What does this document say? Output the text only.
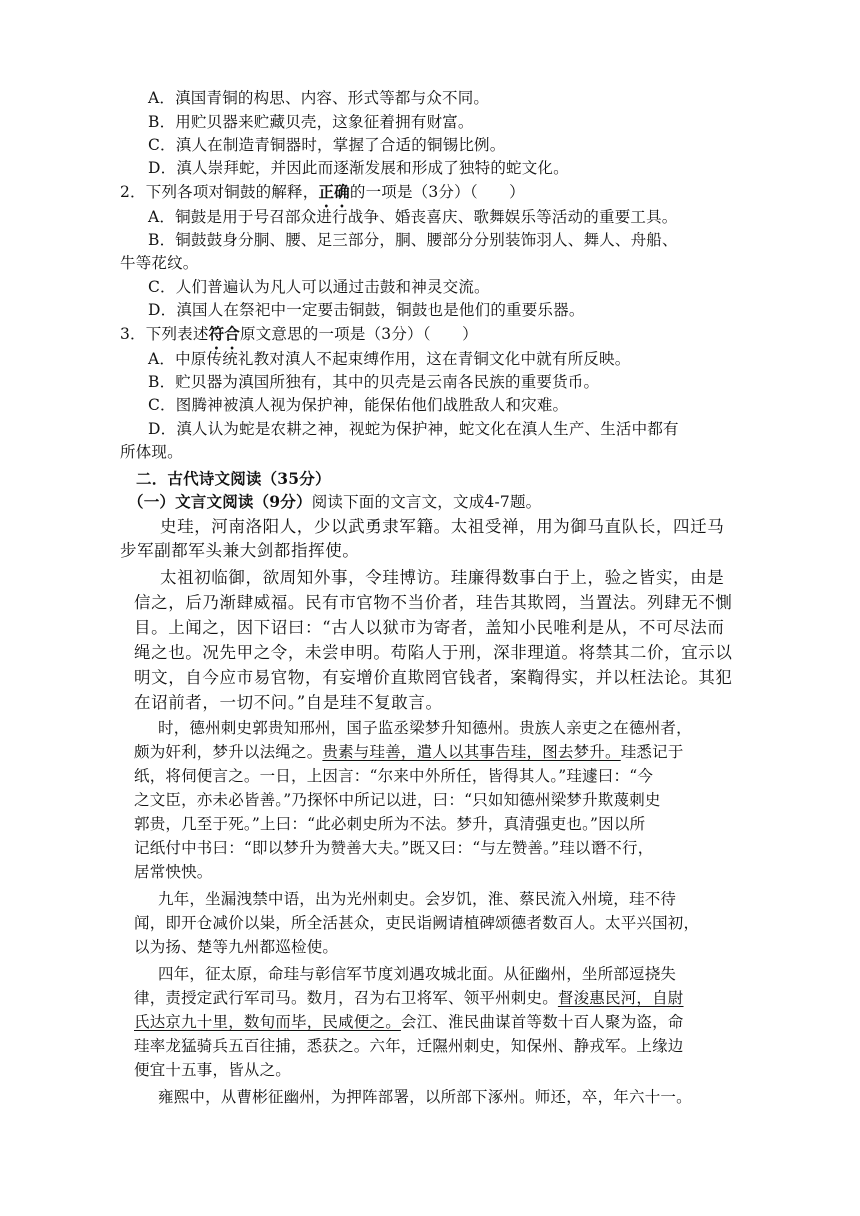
A．滇国青铜的构思、内容、形式等都与众不同。
B．用贮贝器来贮藏贝壳，这象征着拥有财富。
C．滇人在制造青铜器时，掌握了合适的铜锡比例。
D．滇人崇拜蛇，并因此而逐渐发展和形成了独特的蛇文化。
2．下列各项对铜鼓的解释，正确的一项是（3分）（　　）
A．铜鼓是用于号召部众进行战争、婚丧喜庆、歌舞娱乐等活动的重要工具。
B．铜鼓鼓身分胴、腰、足三部分，胴、腰部分分别装饰羽人、舞人、舟船、
牛等花纹。
C．人们普遍认为凡人可以通过击鼓和神灵交流。
D．滇国人在祭祀中一定要击铜鼓，铜鼓也是他们的重要乐器。
3．下列表述符合原文意思的一项是（3分）（　　）
A．中原传统礼教对滇人不起束缚作用，这在青铜文化中就有所反映。
B．贮贝器为滇国所独有，其中的贝壳是云南各民族的重要货币。
C．图腾神被滇人视为保护神，能保佑他们战胜敌人和灾难。
D．滇人认为蛇是农耕之神，视蛇为保护神，蛇文化在滇人生产、生活中都有
所体现。
二．古代诗文阅读（35分）
（一）文言文阅读（9分）阅读下面的文言文，文成4-7题。
史珪，河南洛阳人，少以武勇隶军籍。太祖受禅，用为御马直队长，四迁马
步军副都军头兼大剑都指挥使。
太祖初临御，欲周知外事，令珪博访。珪廉得数事白于上，验之皆实，由是
信之，后乃渐肆威福。民有市官物不当价者，珪告其欺罔，当置法。列肆无不惻
目。上闻之，因下诏曰：“古人以狱市为寄者，盖知小民唯利是从，不可尽法而
绳之也。况先甲之令，未尝申明。苟陷人于刑，深非理道。将禁其二价，宜示以
明文，自今应市易官物，有妄增价直欺罔官钱者，案鞫得实，并以枉法论。其犯
在诏前者，一切不问。”自是珪不复敢言。
时，德州刺史郭贵知邢州，国子监丞梁梦升知德州。贵族人亲吏之在德州者，
颇为奸利，梦升以法绳之。贵素与珪善，遣人以其事告珪，图去梦升。珪悉记于
纸，将伺便言之。一日，上因言：“尔来中外所任，皆得其人。”珪遽曰：“今
之文臣，亦未必皆善。”乃探怀中所记以进，曰：“只如知德州梁梦升欺蔑刺史
郭贵，几至于死。”上曰：“此必刺史所为不法。梦升，真清强吏也。”因以所
记纸付中书曰：“即以梦升为赞善大夫。”既又曰：“与左赞善。”珪以谮不行，
居常怏怏。
九年，坐漏洩禁中语，出为光州刺史。会岁饥，淮、蔡民流入州境，珪不待
闻，即开仓减价以粜，所全活甚众，吏民诣阙请植碑颂德者数百人。太平兴国初，
以为扬、楚等九州都巡检使。
四年，征太原，命珪与彰信军节度刘遇攻城北面。从征幽州，坐所部逗挠失
律，责授定武行军司马。数月，召为右卫将军、领平州刺史。督浚惠民河，自尉
氏达京九十里，数旬而毕，民咸便之。会江、淮民曲谋首等数十百人聚为盗，命
珪率龙猛骑兵五百往捕，悉获之。六年，迁隰州刺史，知保州、静戎军。上缘边
便宜十五事，皆从之。
雍熙中，从曹彬征幽州，为押阵部署，以所部下涿州。师还，卒，年六十一。
